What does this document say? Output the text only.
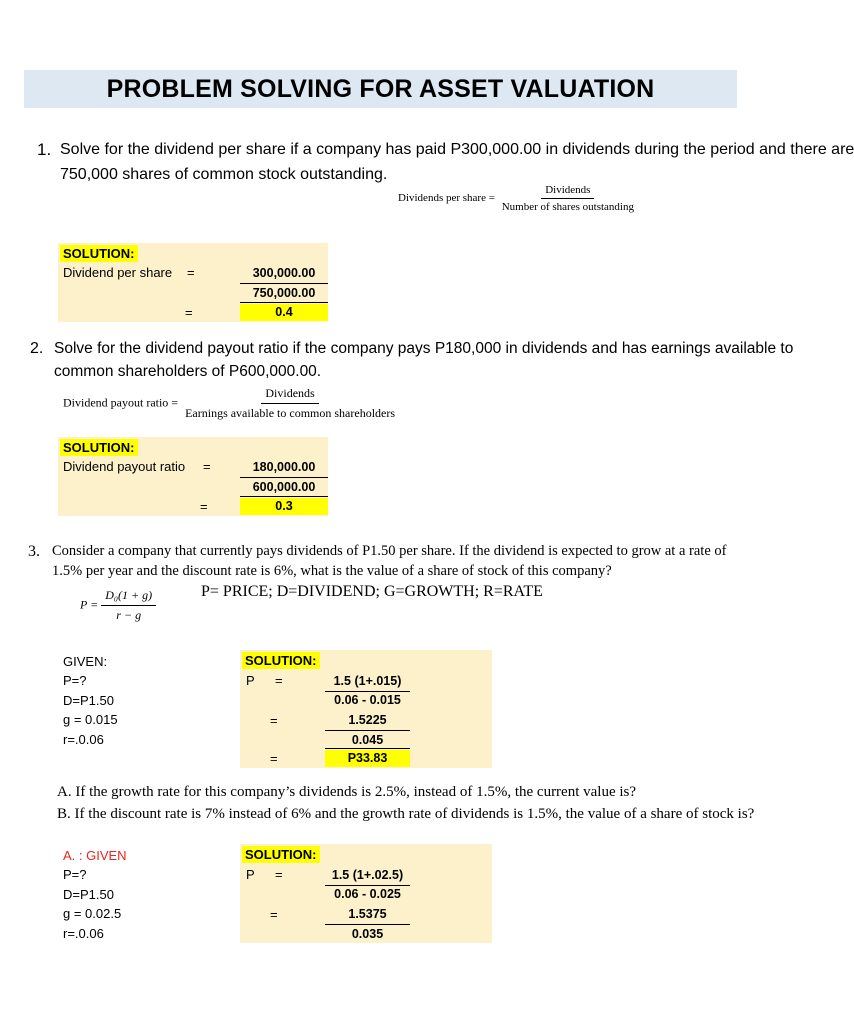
PROBLEM SOLVING FOR ASSET VALUATION
1. Solve for the dividend per share if a company has paid P300,000.00 in dividends during the period and there are
750,000 shares of common stock outstanding.
Dividends per share = $\frac{\text{Dividends}}{\text{Number of shares outstanding}}$
SOLUTION:
Dividend per share =	300,000.00
750,000.00
=	0.4
2. Solve for the dividend payout ratio if the company pays P180,000 in dividends and has earnings available to
common shareholders of P600,000.00.
Dividend payout ratio = $\frac{\text{Dividends}}{\text{Earnings available to common shareholders}}$
SOLUTION:
Dividend payout ratio =	180,000.00
600,000.00
=	0.3
3. Consider a company that currently pays dividends of P1.50 per share. If the dividend is expected to grow at a rate of
1.5% per year and the discount rate is 6%, what is the value of a share of stock of this company?
$P = \frac{\text{D₀(1 + g)}}{r - g}$	P= PRICE; D=DIVIDEND; G=GROWTH; R=RATE
GIVEN:
P=?
D=P1.50
g = 0.015
r=.0.06
SOLUTION:
P =	1.5 (1+.015)
0.06 - 0.015
=	1.5225
0.045
=	P33.83
A. If the growth rate for this company’s dividends is 2.5%, instead of 1.5%, the current value is?
B. If the discount rate is 7% instead of 6% and the growth rate of dividends is 1.5%, the value of a share of stock is?
A. : GIVEN
P=?
D=P1.50
g = 0.02.5
r=.0.06
SOLUTION:
P =	1.5 (1+.02.5)
0.06 - 0.025
=	1.5375
0.035
